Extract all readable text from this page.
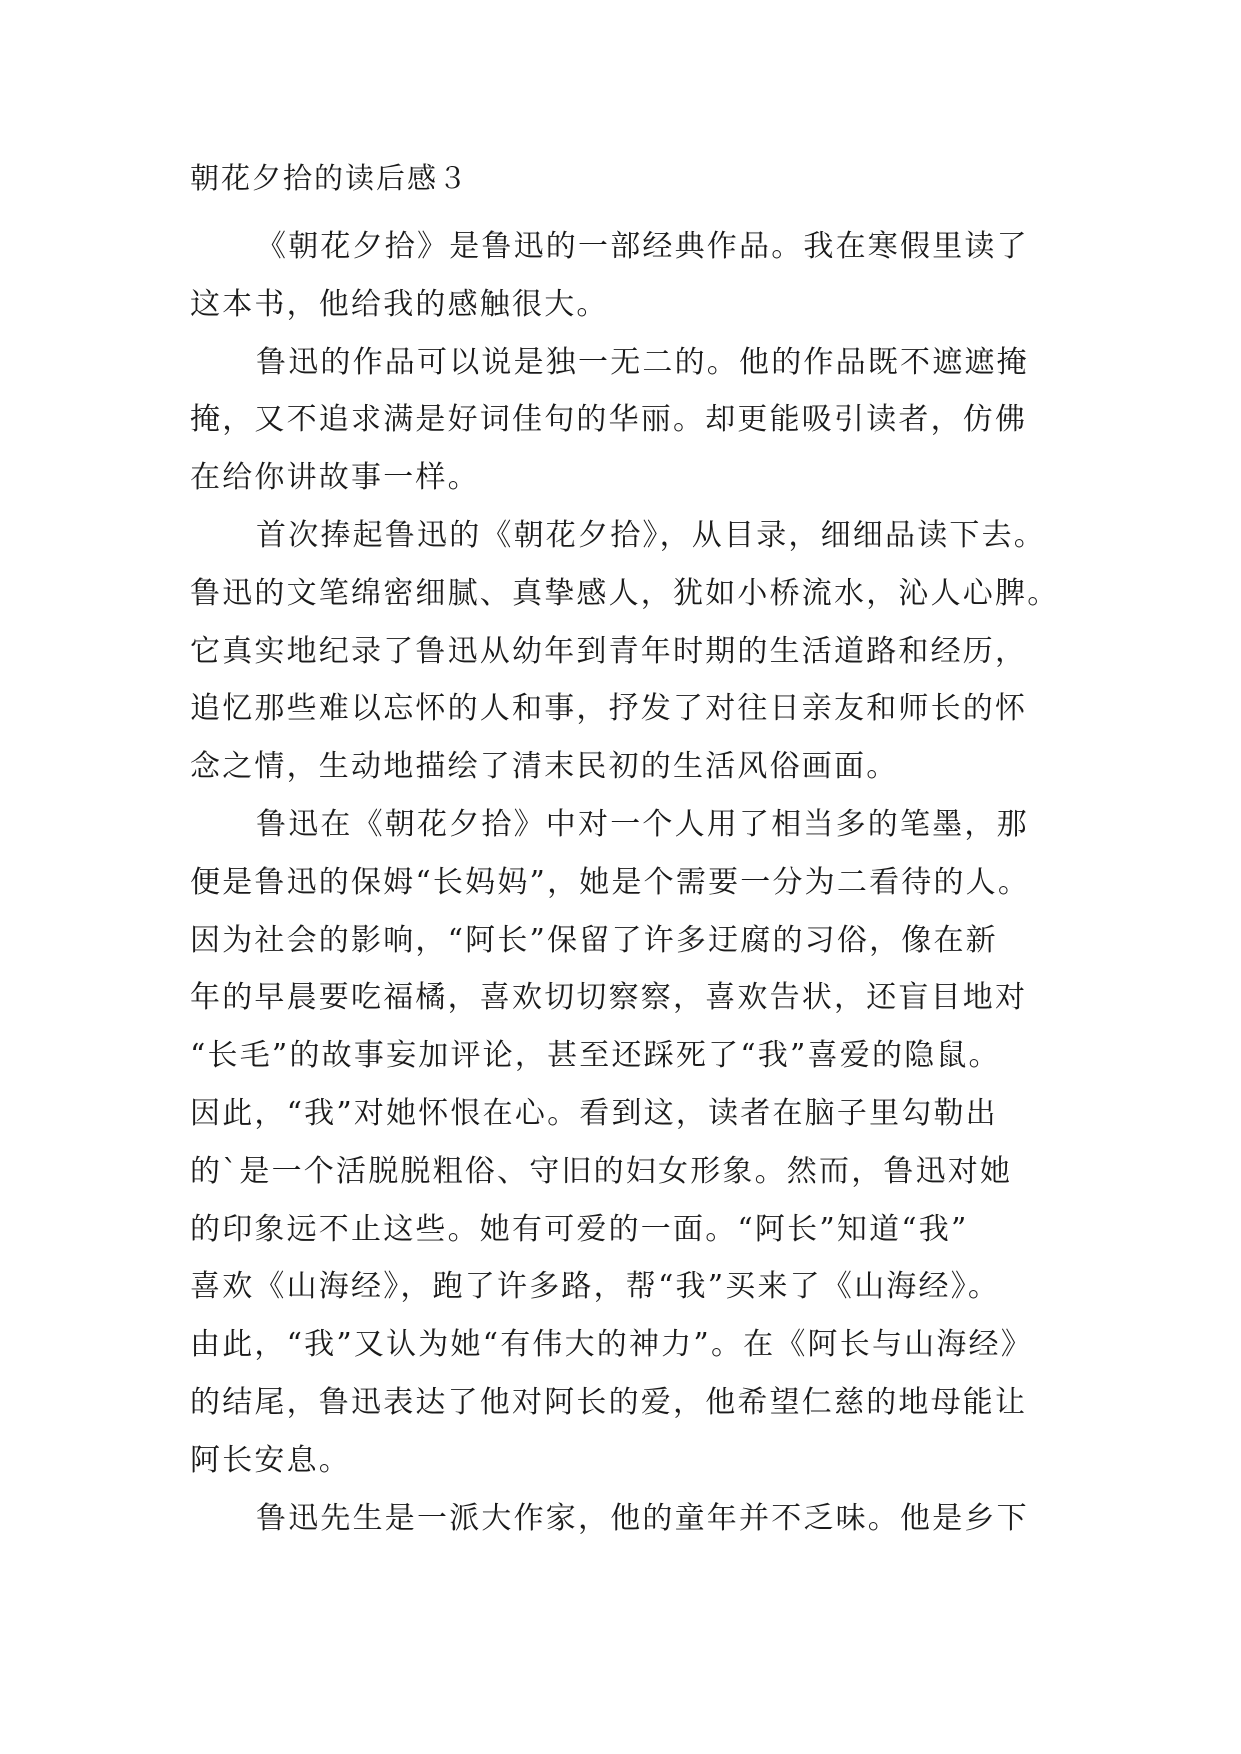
朝花夕拾的读后感３

《朝花夕拾》是鲁迅的一部经典作品。我在寒假里读了
这本书，他给我的感触很大。

鲁迅的作品可以说是独一无二的。他的作品既不遮遮掩
掩，又不追求满是好词佳句的华丽。却更能吸引读者，仿佛
在给你讲故事一样。

首次捧起鲁迅的《朝花夕拾》，从目录，细细品读下去。
鲁迅的文笔绵密细腻、真挚感人，犹如小桥流水，沁人心脾。
它真实地纪录了鲁迅从幼年到青年时期的生活道路和经历，
追忆那些难以忘怀的人和事，抒发了对往日亲友和师长的怀
念之情，生动地描绘了清末民初的生活风俗画面。

鲁迅在《朝花夕拾》中对一个人用了相当多的笔墨，那
便是鲁迅的保姆“长妈妈”，她是个需要一分为二看待的人。
因为社会的影响，“阿长”保留了许多迂腐的习俗，像在新
年的早晨要吃福橘，喜欢切切察察，喜欢告状，还盲目地对
“长毛”的故事妄加评论，甚至还踩死了“我”喜爱的隐鼠。
因此，“我”对她怀恨在心。看到这，读者在脑子里勾勒出
的`是一个活脱脱粗俗、守旧的妇女形象。然而，鲁迅对她
的印象远不止这些。她有可爱的一面。“阿长”知道“我”
喜欢《山海经》，跑了许多路，帮“我”买来了《山海经》。
由此，“我”又认为她“有伟大的神力”。在《阿长与山海经》
的结尾，鲁迅表达了他对阿长的爱，他希望仁慈的地母能让
阿长安息。

鲁迅先生是一派大作家，他的童年并不乏味。他是乡下
